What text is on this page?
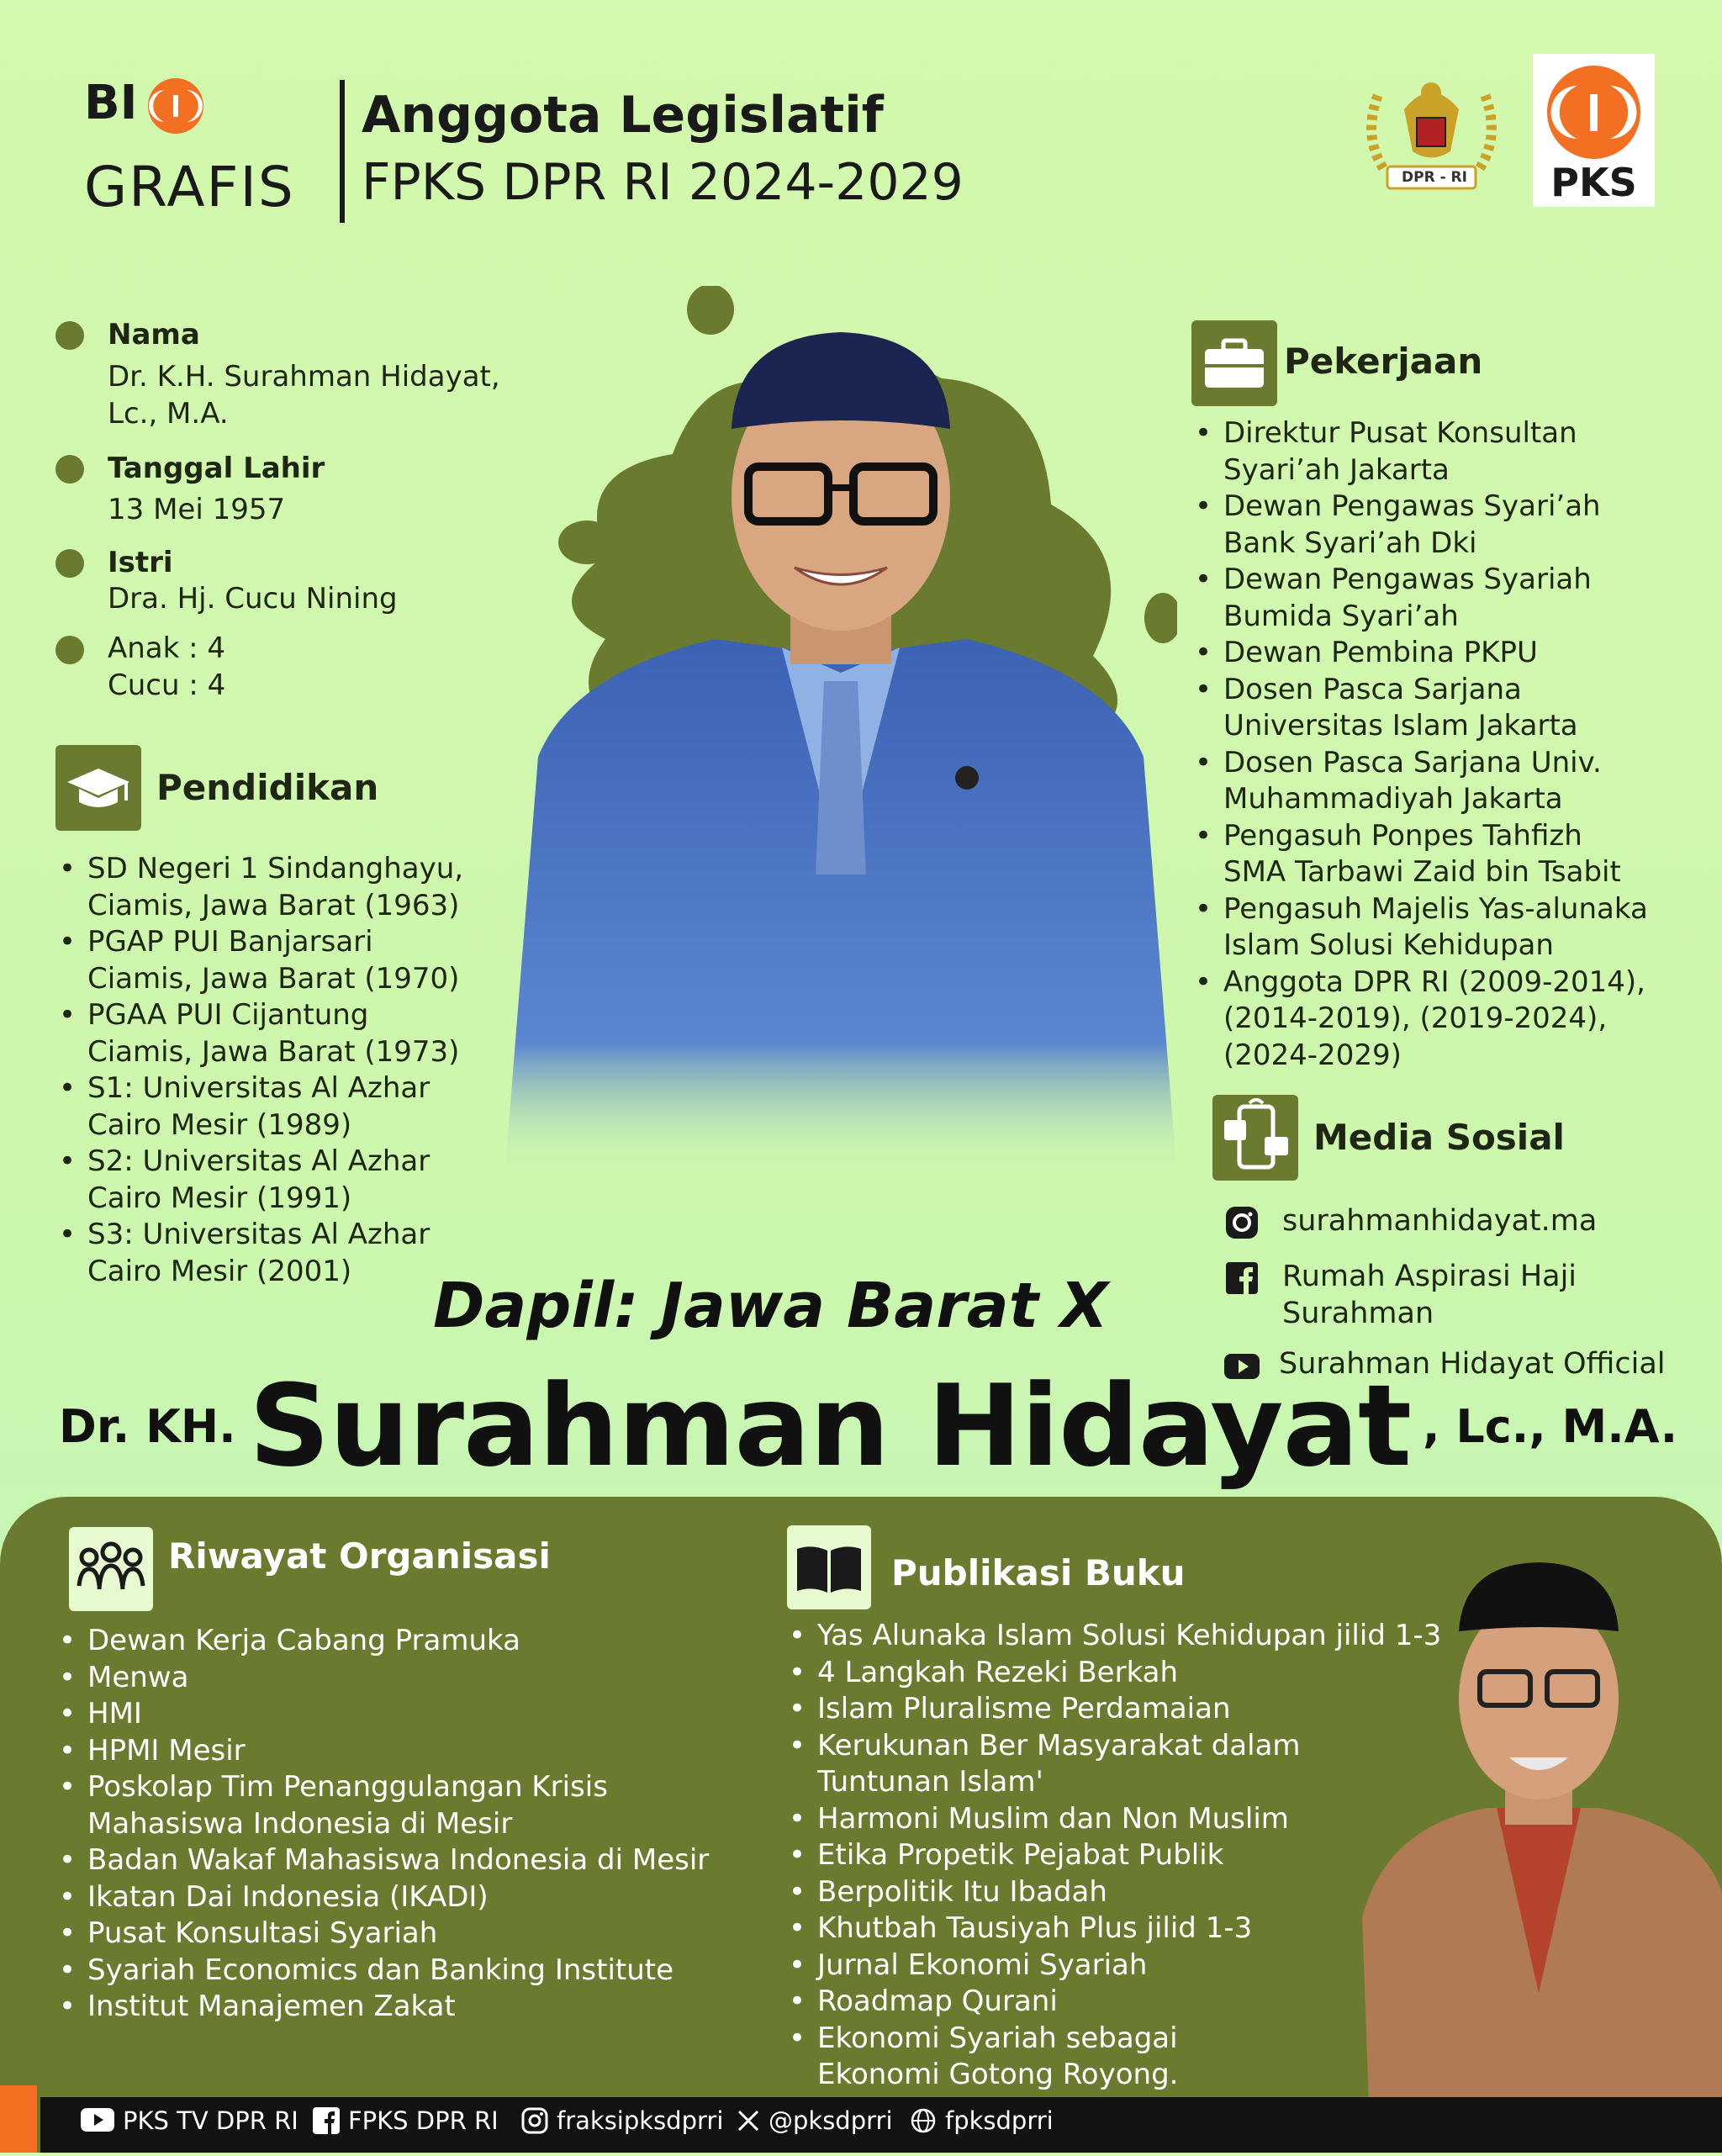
BI
GRAFIS
Anggota Legislatif
FPKS DPR RI 2024-2029	DPR - RI	PKS
Nama
Dr. K.H. Surahman Hidayat,
Lc., M.A.
Tanggal Lahir
13 Mei 1957
Istri
Dra. Hj. Cucu Nining
Anak : 4
Cucu : 4
Pendidikan
• SD Negeri 1 Sindanghayu,
Ciamis, Jawa Barat (1963)
• PGAP PUI Banjarsari
Ciamis, Jawa Barat (1970)
• PGAA PUI Cijantung
Ciamis, Jawa Barat (1973)
• S1: Universitas Al Azhar
Cairo Mesir (1989)
• S2: Universitas Al Azhar
Cairo Mesir (1991)
• S3: Universitas Al Azhar
Cairo Mesir (2001)
Pekerjaan
• Direktur Pusat Konsultan
Syari’ah Jakarta
• Dewan Pengawas Syari’ah
Bank Syari’ah Dki
• Dewan Pengawas Syariah
Bumida Syari’ah
• Dewan Pembina PKPU
• Dosen Pasca Sarjana
Universitas Islam Jakarta
• Dosen Pasca Sarjana Univ.
Muhammadiyah Jakarta
• Pengasuh Ponpes Tahfizh
SMA Tarbawi Zaid bin Tsabit
• Pengasuh Majelis Yas-alunaka
Islam Solusi Kehidupan
• Anggota DPR RI (2009-2014),
(2014-2019), (2019-2024),
(2024-2029)
Media Sosial
surahmanhidayat.ma
Rumah Aspirasi Haji
Surahman
Surahman Hidayat Official
Dapil: Jawa Barat X
Dr. KH. Surahman Hidayat , Lc., M.A.
Riwayat Organisasi
• Dewan Kerja Cabang Pramuka
• Menwa
• HMI
• HPMI Mesir
• Poskolap Tim Penanggulangan Krisis
Mahasiswa Indonesia di Mesir
• Badan Wakaf Mahasiswa Indonesia di Mesir
• Ikatan Dai Indonesia (IKADI)
• Pusat Konsultasi Syariah
• Syariah Economics dan Banking Institute
• Institut Manajemen Zakat
Publikasi Buku
• Yas Alunaka Islam Solusi Kehidupan jilid 1-3
• 4 Langkah Rezeki Berkah
• Islam Pluralisme Perdamaian
• Kerukunan Ber Masyarakat dalam
Tuntunan Islam'
• Harmoni Muslim dan Non Muslim
• Etika Propetik Pejabat Publik
• Berpolitik Itu Ibadah
• Khutbah Tausiyah Plus jilid 1-3
• Jurnal Ekonomi Syariah
• Roadmap Qurani
• Ekonomi Syariah sebagai
Ekonomi Gotong Royong.
PKS TV DPR RI FPKS DPR RI fraksipksdprri @pksdprri fpksdprri
